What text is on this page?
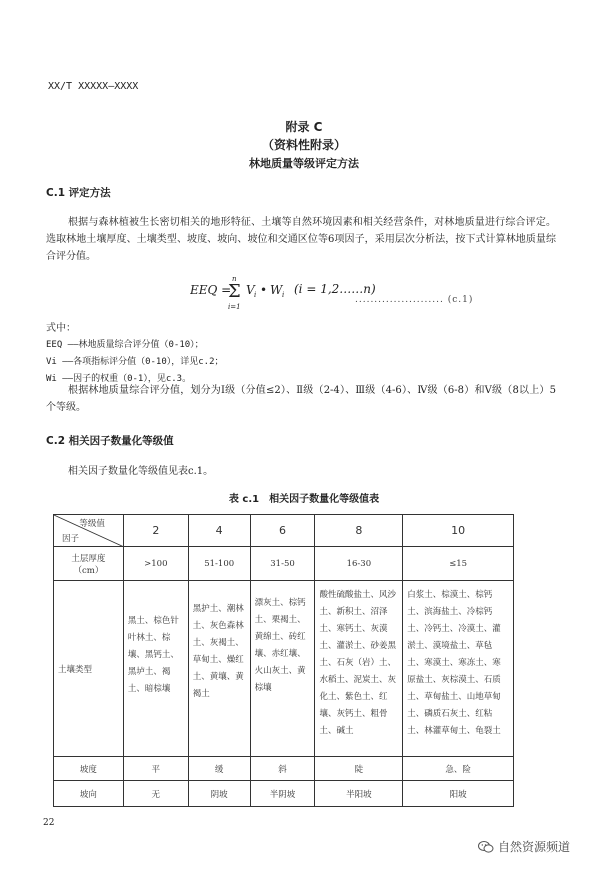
XX/T XXXXX—XXXX
附录 C
（资料性附录）
林地质量等级评定方法
C.1 评定方法
根据与森林植被生长密切相关的地形特征、土壤等自然环境因素和相关经营条件，对林地质量进行综合评定。选取林地土壤厚度、土壤类型、坡度、坡向、坡位和交通区位等6项因子，采用层次分析法，按下式计算林地质量综合评分值。
EEQ =
n
Σ
i=1
V i • W i (i = 1,2……n)
....................... (c.1)
式中：
EEQ ——林地质量综合评分值（0-10）；
Vi ——各项指标评分值（0-10），详见c.2；
Wi ——因子的权重（0-1），见c.3。
根据林地质量综合评分值，划分为Ⅰ级（分值≤2）、Ⅱ级（2-4）、Ⅲ级（4-6）、Ⅳ级（6-8）和Ⅴ级（8以上）5个等级。
C.2 相关因子数量化等级值
相关因子数量化等级值见表c.1。
表 c.1　相关因子数量化等级值表
等级值
因子	2	4	6	8	10
土层厚度
（cm）	>100	51-100	31-50	16-30	≤15
土壤类型	黑土、棕色针叶林土、棕壤、黑钙土、黑垆土、褐土、暗棕壤	黑护土、潮林土、灰色森林土、灰褐土、草甸土、燥红土、黄壤、黄褐土	漂灰土、棕钙土、栗褐土、黄绵土、砖红壤、赤红壤、火山灰土、黄棕壤	酸性硫酸盐土、风沙土、新积土、沼泽土、寒钙土、灰漠土、灌淤土、砂姜黑土、石灰（岩）土、水稻土、泥炭土、灰化土、紫色土、红壤、灰钙土、粗骨土、碱土	白浆土、棕漠土、棕钙土、滨海盐土、冷棕钙土、冷钙土、冷漠土、灌淤土、漠境盐土、草毡土、寒漠土、寒冻土、寒原盐土、灰棕漠土、石质土、草甸盐土、山地草甸土、磷质石灰土、红粘土、林灌草甸土、龟裂土
坡度	平	缓	斜	陡	急、险
坡向	无	阴坡	半阴坡	半阳坡	阳坡
22
自然资源频道
